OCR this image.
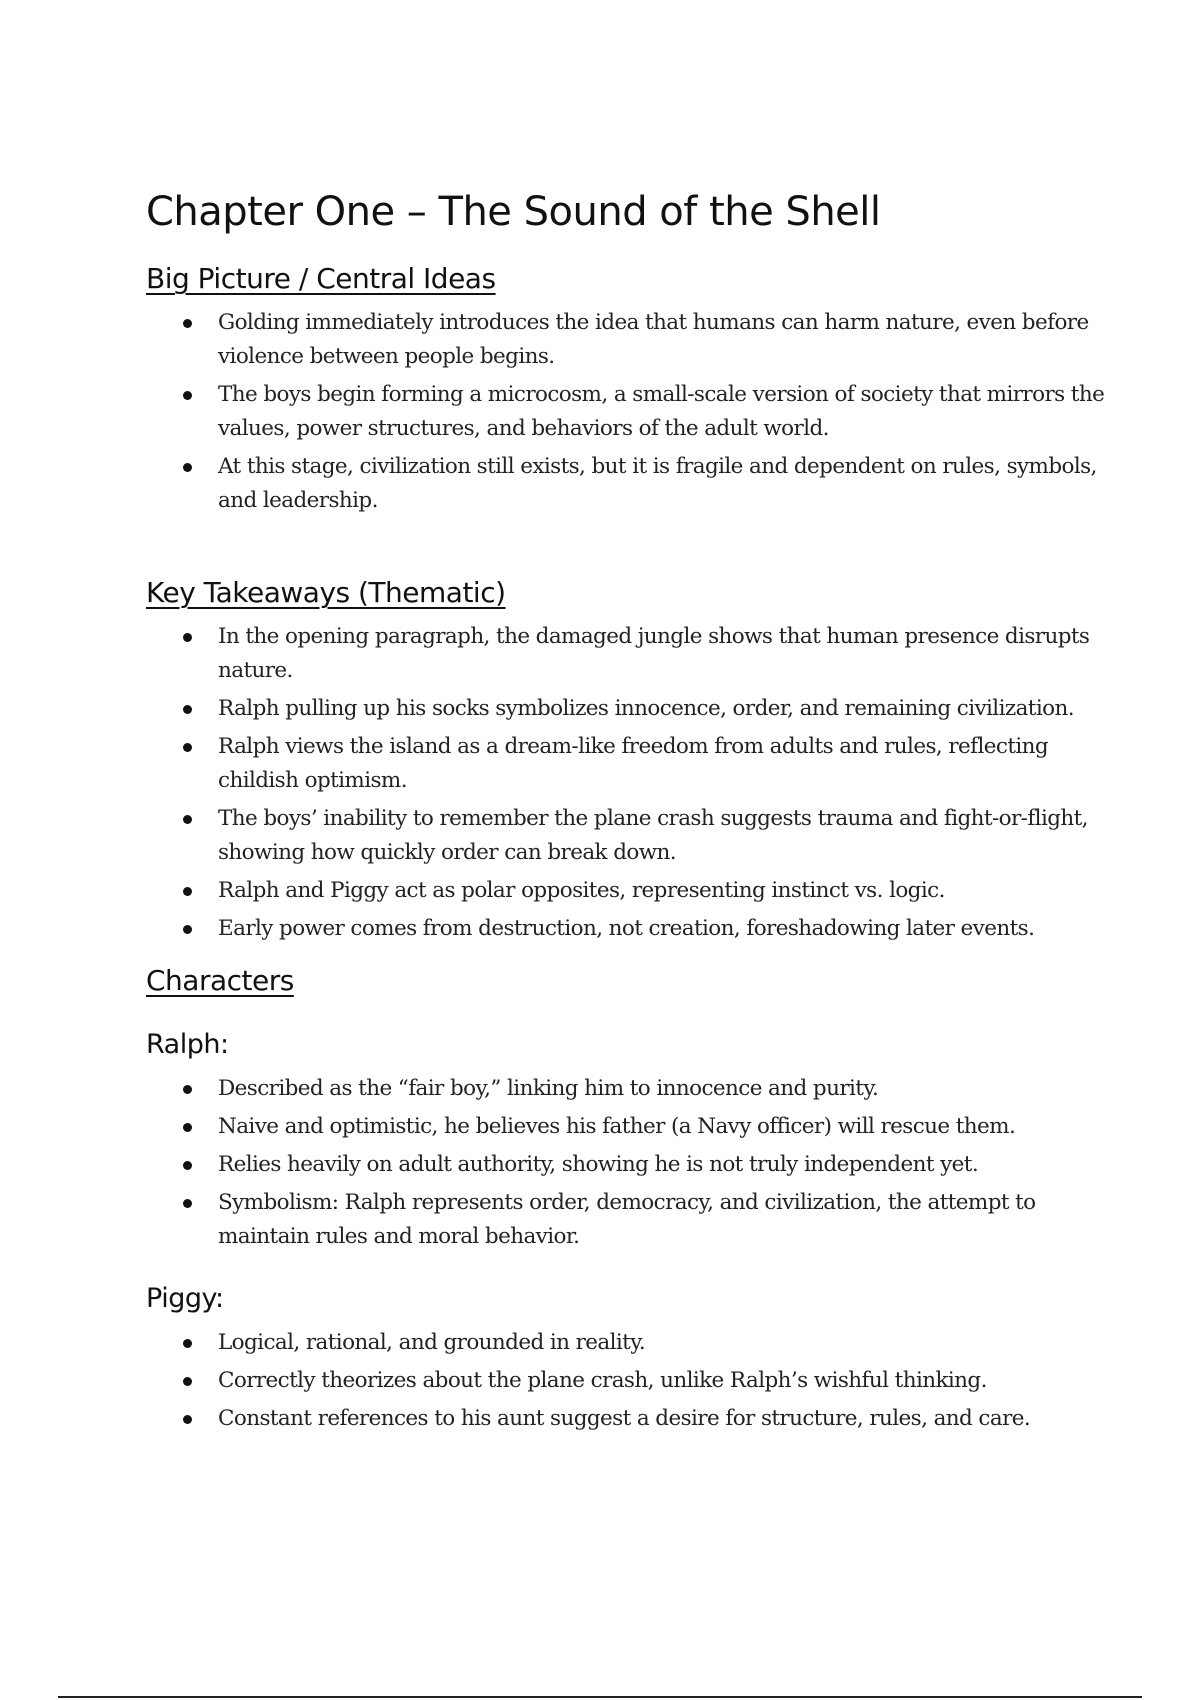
Chapter One – The Sound of the Shell
Big Picture / Central Ideas
Golding immediately introduces the idea that humans can harm nature, even before violence between people begins.
The boys begin forming a microcosm, a small-scale version of society that mirrors the values, power structures, and behaviors of the adult world.
At this stage, civilization still exists, but it is fragile and dependent on rules, symbols, and leadership.
Key Takeaways (Thematic)
In the opening paragraph, the damaged jungle shows that human presence disrupts nature.
Ralph pulling up his socks symbolizes innocence, order, and remaining civilization.
Ralph views the island as a dream-like freedom from adults and rules, reflecting childish optimism.
The boys’ inability to remember the plane crash suggests trauma and fight-or-flight, showing how quickly order can break down.
Ralph and Piggy act as polar opposites, representing instinct vs. logic.
Early power comes from destruction, not creation, foreshadowing later events.
Characters
Ralph:
Described as the “fair boy,” linking him to innocence and purity.
Naive and optimistic, he believes his father (a Navy officer) will rescue them.
Relies heavily on adult authority, showing he is not truly independent yet.
Symbolism: Ralph represents order, democracy, and civilization, the attempt to maintain rules and moral behavior.
Piggy:
Logical, rational, and grounded in reality.
Correctly theorizes about the plane crash, unlike Ralph’s wishful thinking.
Constant references to his aunt suggest a desire for structure, rules, and care.
